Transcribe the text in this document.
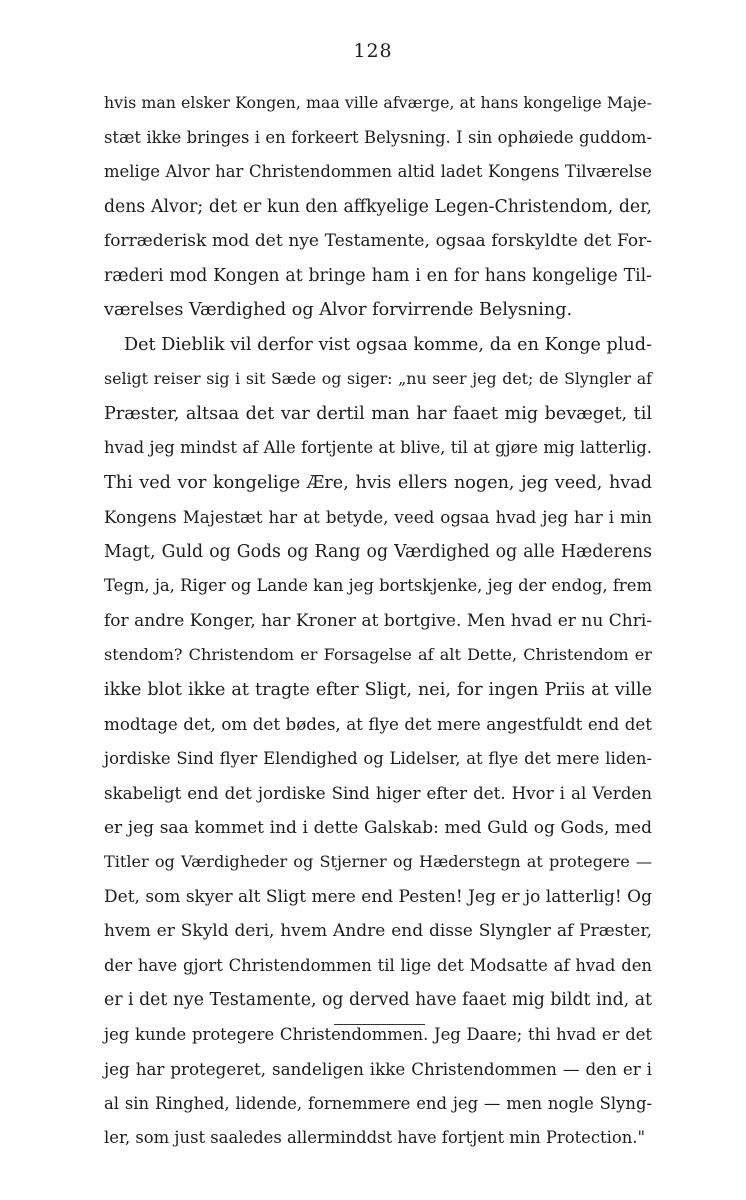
128
hvis man elsker Kongen, maa ville afværge, at hans kongelige Maje-
stæt ikke bringes i en forkeert Belysning. I sin ophøiede guddom-
melige Alvor har Christendommen altid ladet Kongens Tilværelse
dens Alvor; det er kun den affkyelige Legen-Christendom, der,
forræderisk mod det nye Testamente, ogsaa forskyldte det For-
ræderi mod Kongen at bringe ham i en for hans kongelige Til-
værelses Værdighed og Alvor forvirrende Belysning.
Det Dieblik vil derfor vist ogsaa komme, da en Konge plud-
seligt reiser sig i sit Sæde og siger: „nu seer jeg det; de Slyngler af
Præster, altsaa det var dertil man har faaet mig bevæget, til
hvad jeg mindst af Alle fortjente at blive, til at gjøre mig latterlig.
Thi ved vor kongelige Ære, hvis ellers nogen, jeg veed, hvad
Kongens Majestæt har at betyde, veed ogsaa hvad jeg har i min
Magt, Guld og Gods og Rang og Værdighed og alle Hæderens
Tegn, ja, Riger og Lande kan jeg bortskjenke, jeg der endog, frem
for andre Konger, har Kroner at bortgive. Men hvad er nu Chri-
stendom? Christendom er Forsagelse af alt Dette, Christendom er
ikke blot ikke at tragte efter Sligt, nei, for ingen Priis at ville
modtage det, om det bødes, at flye det mere angestfuldt end det
jordiske Sind flyer Elendighed og Lidelser, at flye det mere liden-
skabeligt end det jordiske Sind higer efter det. Hvor i al Verden
er jeg saa kommet ind i dette Galskab: med Guld og Gods, med
Titler og Værdigheder og Stjerner og Hæderstegn at protegere —
Det, som skyer alt Sligt mere end Pesten! Jeg er jo latterlig! Og
hvem er Skyld deri, hvem Andre end disse Slyngler af Præster,
der have gjort Christendommen til lige det Modsatte af hvad den
er i det nye Testamente, og derved have faaet mig bildt ind, at
jeg kunde protegere Christendommen. Jeg Daare; thi hvad er det
jeg har protegeret, sandeligen ikke Christendommen — den er i
al sin Ringhed, lidende, fornemmere end jeg — men nogle Slyng-
ler, som just saaledes allerminddst have fortjent min Protection."
